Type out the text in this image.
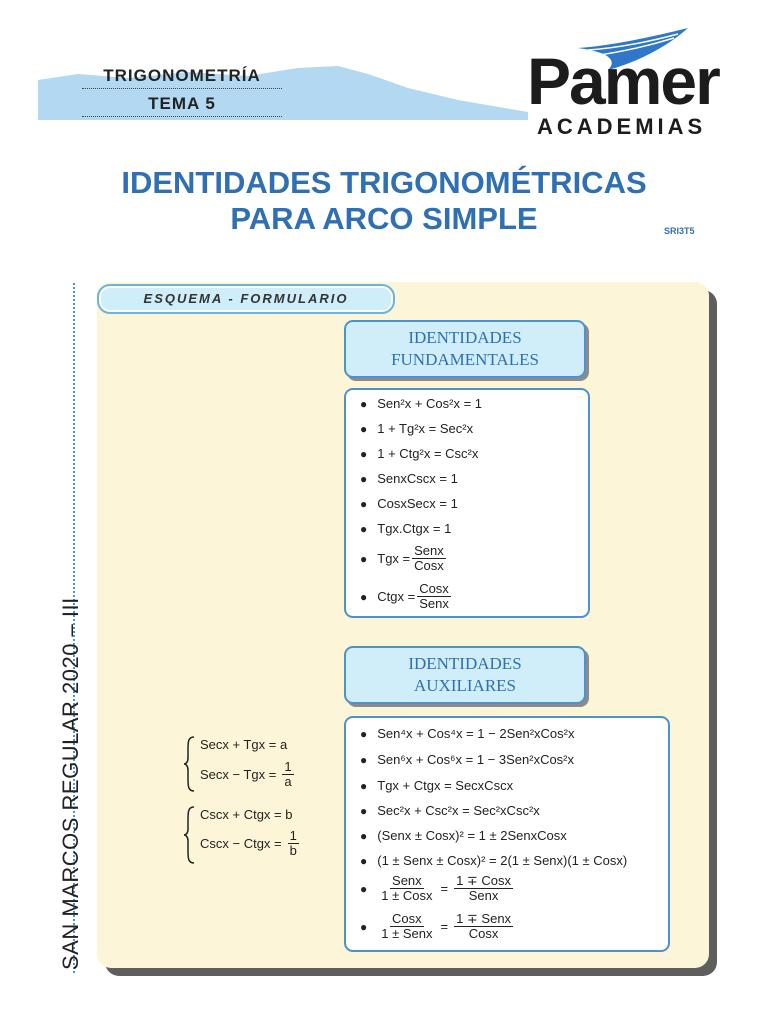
TRIGONOMETRÍA
TEMA 5	Pamer
ACADEMIAS
IDENTIDADES TRIGONOMÉTRICAS
PARA ARCO SIMPLE	SRI3T5
SAN MARCOS REGULAR 2020 – III
ESQUEMA - FORMULARIO
IDENTIDADES
FUNDAMENTALES
● Sen²x + Cos²x = 1
● 1 + Tg²x = Sec²x
● 1 + Ctg²x = Csc²x
● SenxCscx = 1
● CosxSecx = 1
● Tgx.Ctgx = 1
● Tgx = $\frac{\text{Senx}}{\text{Cosx}}$
● Ctgx = $\frac{\text{Cosx}}{\text{Senx}}$
IDENTIDADES
AUXILIARES
● Sen⁴x + Cos⁴x = 1 − 2Sen²xCos²x
● Sen⁶x + Cos⁶x = 1 − 3Sen²xCos²x
● Tgx + Ctgx = SecxCscx
● Sec²x + Csc²x = Sec²xCsc²x
● (Senx ± Cosx)² = 1 ± 2SenxCosx
● (1 ± Senx ± Cosx)² = 2(1 ± Senx)(1 ± Cosx)
● $\frac{\text{Senx}}{\text{1 ± Cosx}} = \frac{\text{1 ∓ Cosx}}{\text{Senx}}$
● $\frac{\text{Cosx}}{\text{1 ± Senx}} = \frac{\text{1 ∓ Senx}}{\text{Cosx}}$
Secx + Tgx = a
Secx − Tgx = $\frac{1}{a}$
Cscx + Ctgx = b
Cscx − Ctgx = $\frac{1}{b}$
